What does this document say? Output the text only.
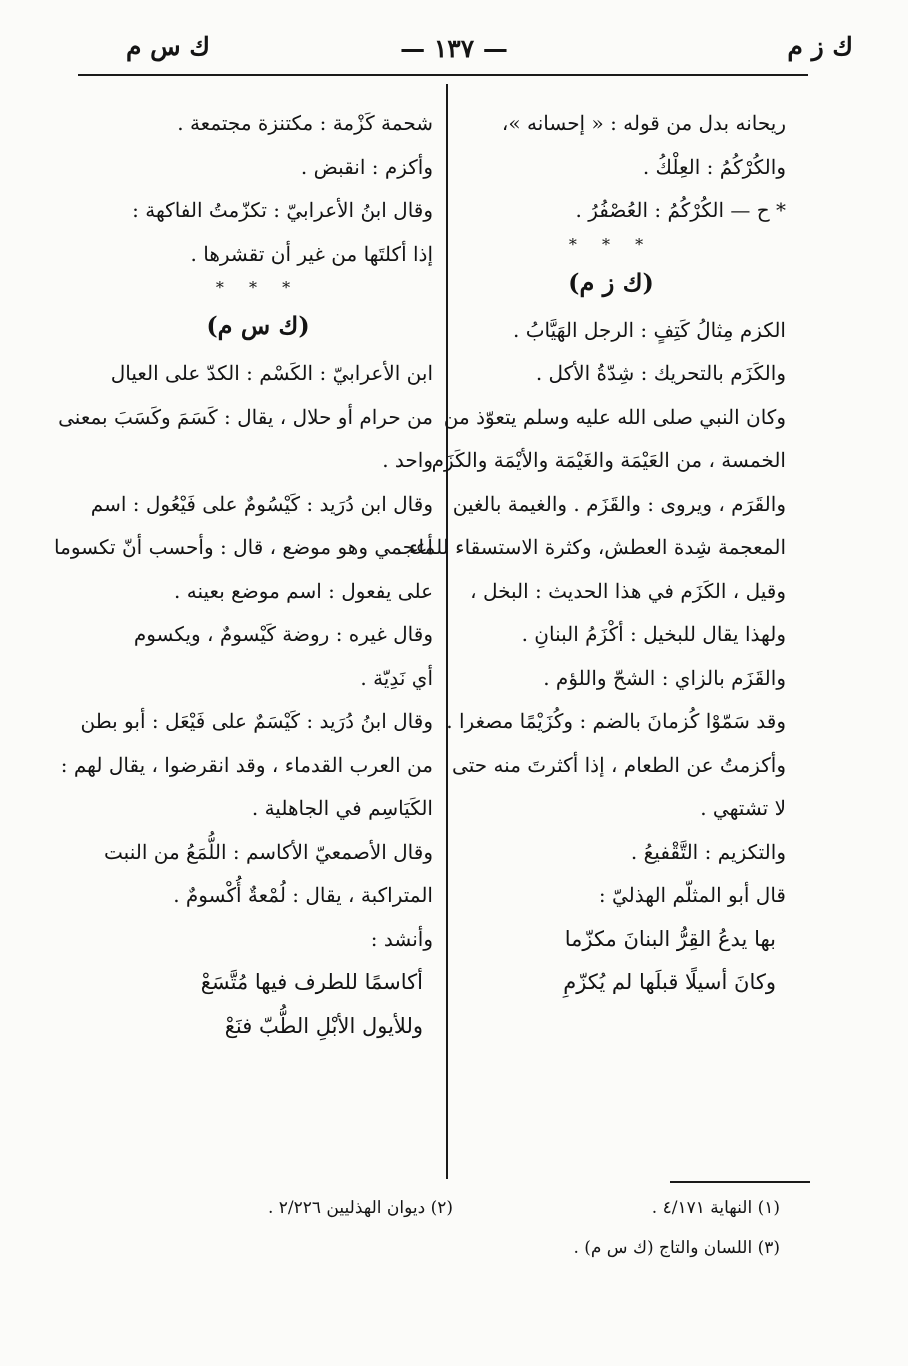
ك ز م
— ١٣٧ —
ك س م
ريحانه بدل من قوله : « إحسانه »،
والكُرْكُمُ : العِلْكُ .
* ح — الكُرْكُمُ : العُصْفُرُ .
* * *
(ك ز م)
الكزم مِثالُ كَتِفٍ : الرجل الهَيَّابُ .
والكَزَم بالتحريك : شِدّةُ الأكل .
وكان النبي صلى الله عليه وسلم يتعوّذ من
الخمسة ، من العَيْمَة والغَيْمَة والأيْمَة والكَزَم
والقَرَم ، ويروى : والقَزَم . والغيمة بالغين
المعجمة شِدة العطش، وكثرة الاستسقاء للماء .
وقيل ، الكَزَم في هذا الحديث : البخل ،
ولهذا يقال للبخيل : أكْزَمُ البنانِ .
والقَزَم بالزاي : الشحّ واللؤم .
وقد سَمّوْا كُزمانَ بالضم : وكُزَيْمًا مصغرا .
وأكزمتُ عن الطعام ، إذا أكثرتَ منه حتى
لا تشتهي .
والتكزيم : التَّقْفيعُ .
قال أبو المثلّم الهذليّ :
بها يدعُ القِرُّ البنانَ مكزّما
وكانَ أسيلًا قبلَها لم يُكزّمِ
شحمة كَزْمة : مكتنزة مجتمعة .
وأكزم : انقبض .
وقال ابنُ الأعرابيّ : تكزّمتُ الفاكهة :
إذا أكلتَها من غير أن تقشرها .
* * *
(ك س م)
ابن الأعرابيّ : الكَسْم : الكدّ على العيال
من حرام أو حلال ، يقال : كَسَمَ وكَسَبَ بمعنى
واحد .
وقال ابن دُرَيد : كَيْسُومٌ على فَيْعُول : اسم
أعجمي وهو موضع ، قال : وأحسب أنّ تكسوما
على يفعول : اسم موضع بعينه .
وقال غيره : روضة كَيْسومٌ ، ويكسوم
أي نَدِيّة .
وقال ابنُ دُرَيد : كَيْسَمٌ على فَيْعَل : أبو بطن
من العرب القدماء ، وقد انقرضوا ، يقال لهم :
الكَيَاسِم في الجاهلية .
وقال الأصمعيّ الأكاسم : اللُّمَعُ من النبت
المتراكبة ، يقال : لُمْعةٌ أُكْسومٌ .
وأنشد :
أكاسمًا للطرف فيها مُتَّسَعْ
وللأيول الأبْلِ الطُّبّ فنَعْ
(١) النهاية ٤/١٧١ .
(٢) ديوان الهذليين ٢/٢٢٦ .
(٣) اللسان والتاج (ك س م) .
